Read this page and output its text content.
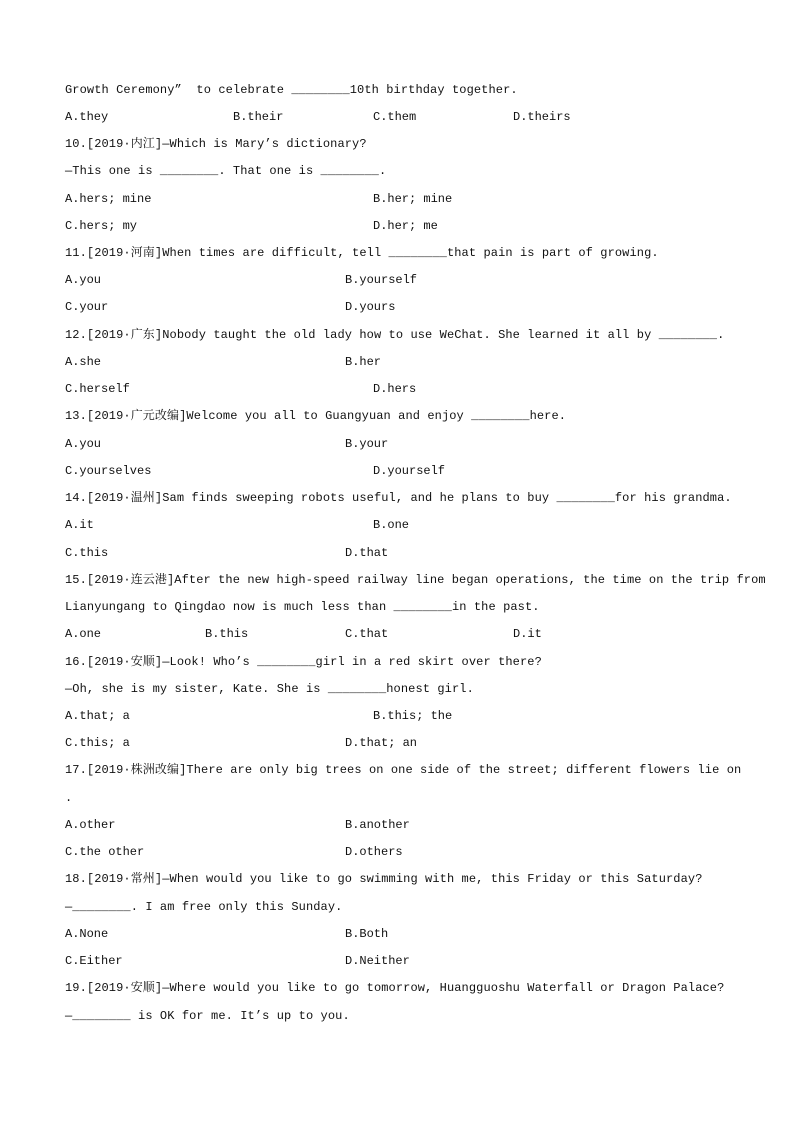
Growth Ceremony”  to celebrate ________10th birthday together.
A.they	B.their	C.them	D.theirs
10.[2019·内江]—Which is Mary’s dictionary?
—This one is ________. That one is ________.
A.hers; mine	B.her; mine
C.hers; my	D.her; me
11.[2019·河南]When times are difficult, tell ________that pain is part of growing.
A.you	B.yourself
C.your	D.yours
12.[2019·广东]Nobody taught the old lady how to use WeChat. She learned it all by ________.
A.she	B.her
C.herself	D.hers
13.[2019·广元改编]Welcome you all to Guangyuan and enjoy ________here.
A.you	B.your
C.yourselves	D.yourself
14.[2019·温州]Sam finds sweeping robots useful, and he plans to buy ________for his grandma.
A.it	B.one
C.this	D.that
15.[2019·连云港]After the new high-speed railway line began operations, the time on the trip from
Lianyungang to Qingdao now is much less than ________in the past.
A.one	B.this	C.that	D.it
16.[2019·安顺]—Look! Who’s ________girl in a red skirt over there?
—Oh, she is my sister, Kate. She is ________honest girl.
A.that; a	B.this; the
C.this; a	D.that; an
17.[2019·株洲改编]There are only big trees on one side of the street; different flowers lie on
.
A.other	B.another
C.the other	D.others
18.[2019·常州]—When would you like to go swimming with me, this Friday or this Saturday?
—________. I am free only this Sunday.
A.None	B.Both
C.Either	D.Neither
19.[2019·安顺]—Where would you like to go tomorrow, Huangguoshu Waterfall or Dragon Palace?
—________ is OK for me. It’s up to you.
